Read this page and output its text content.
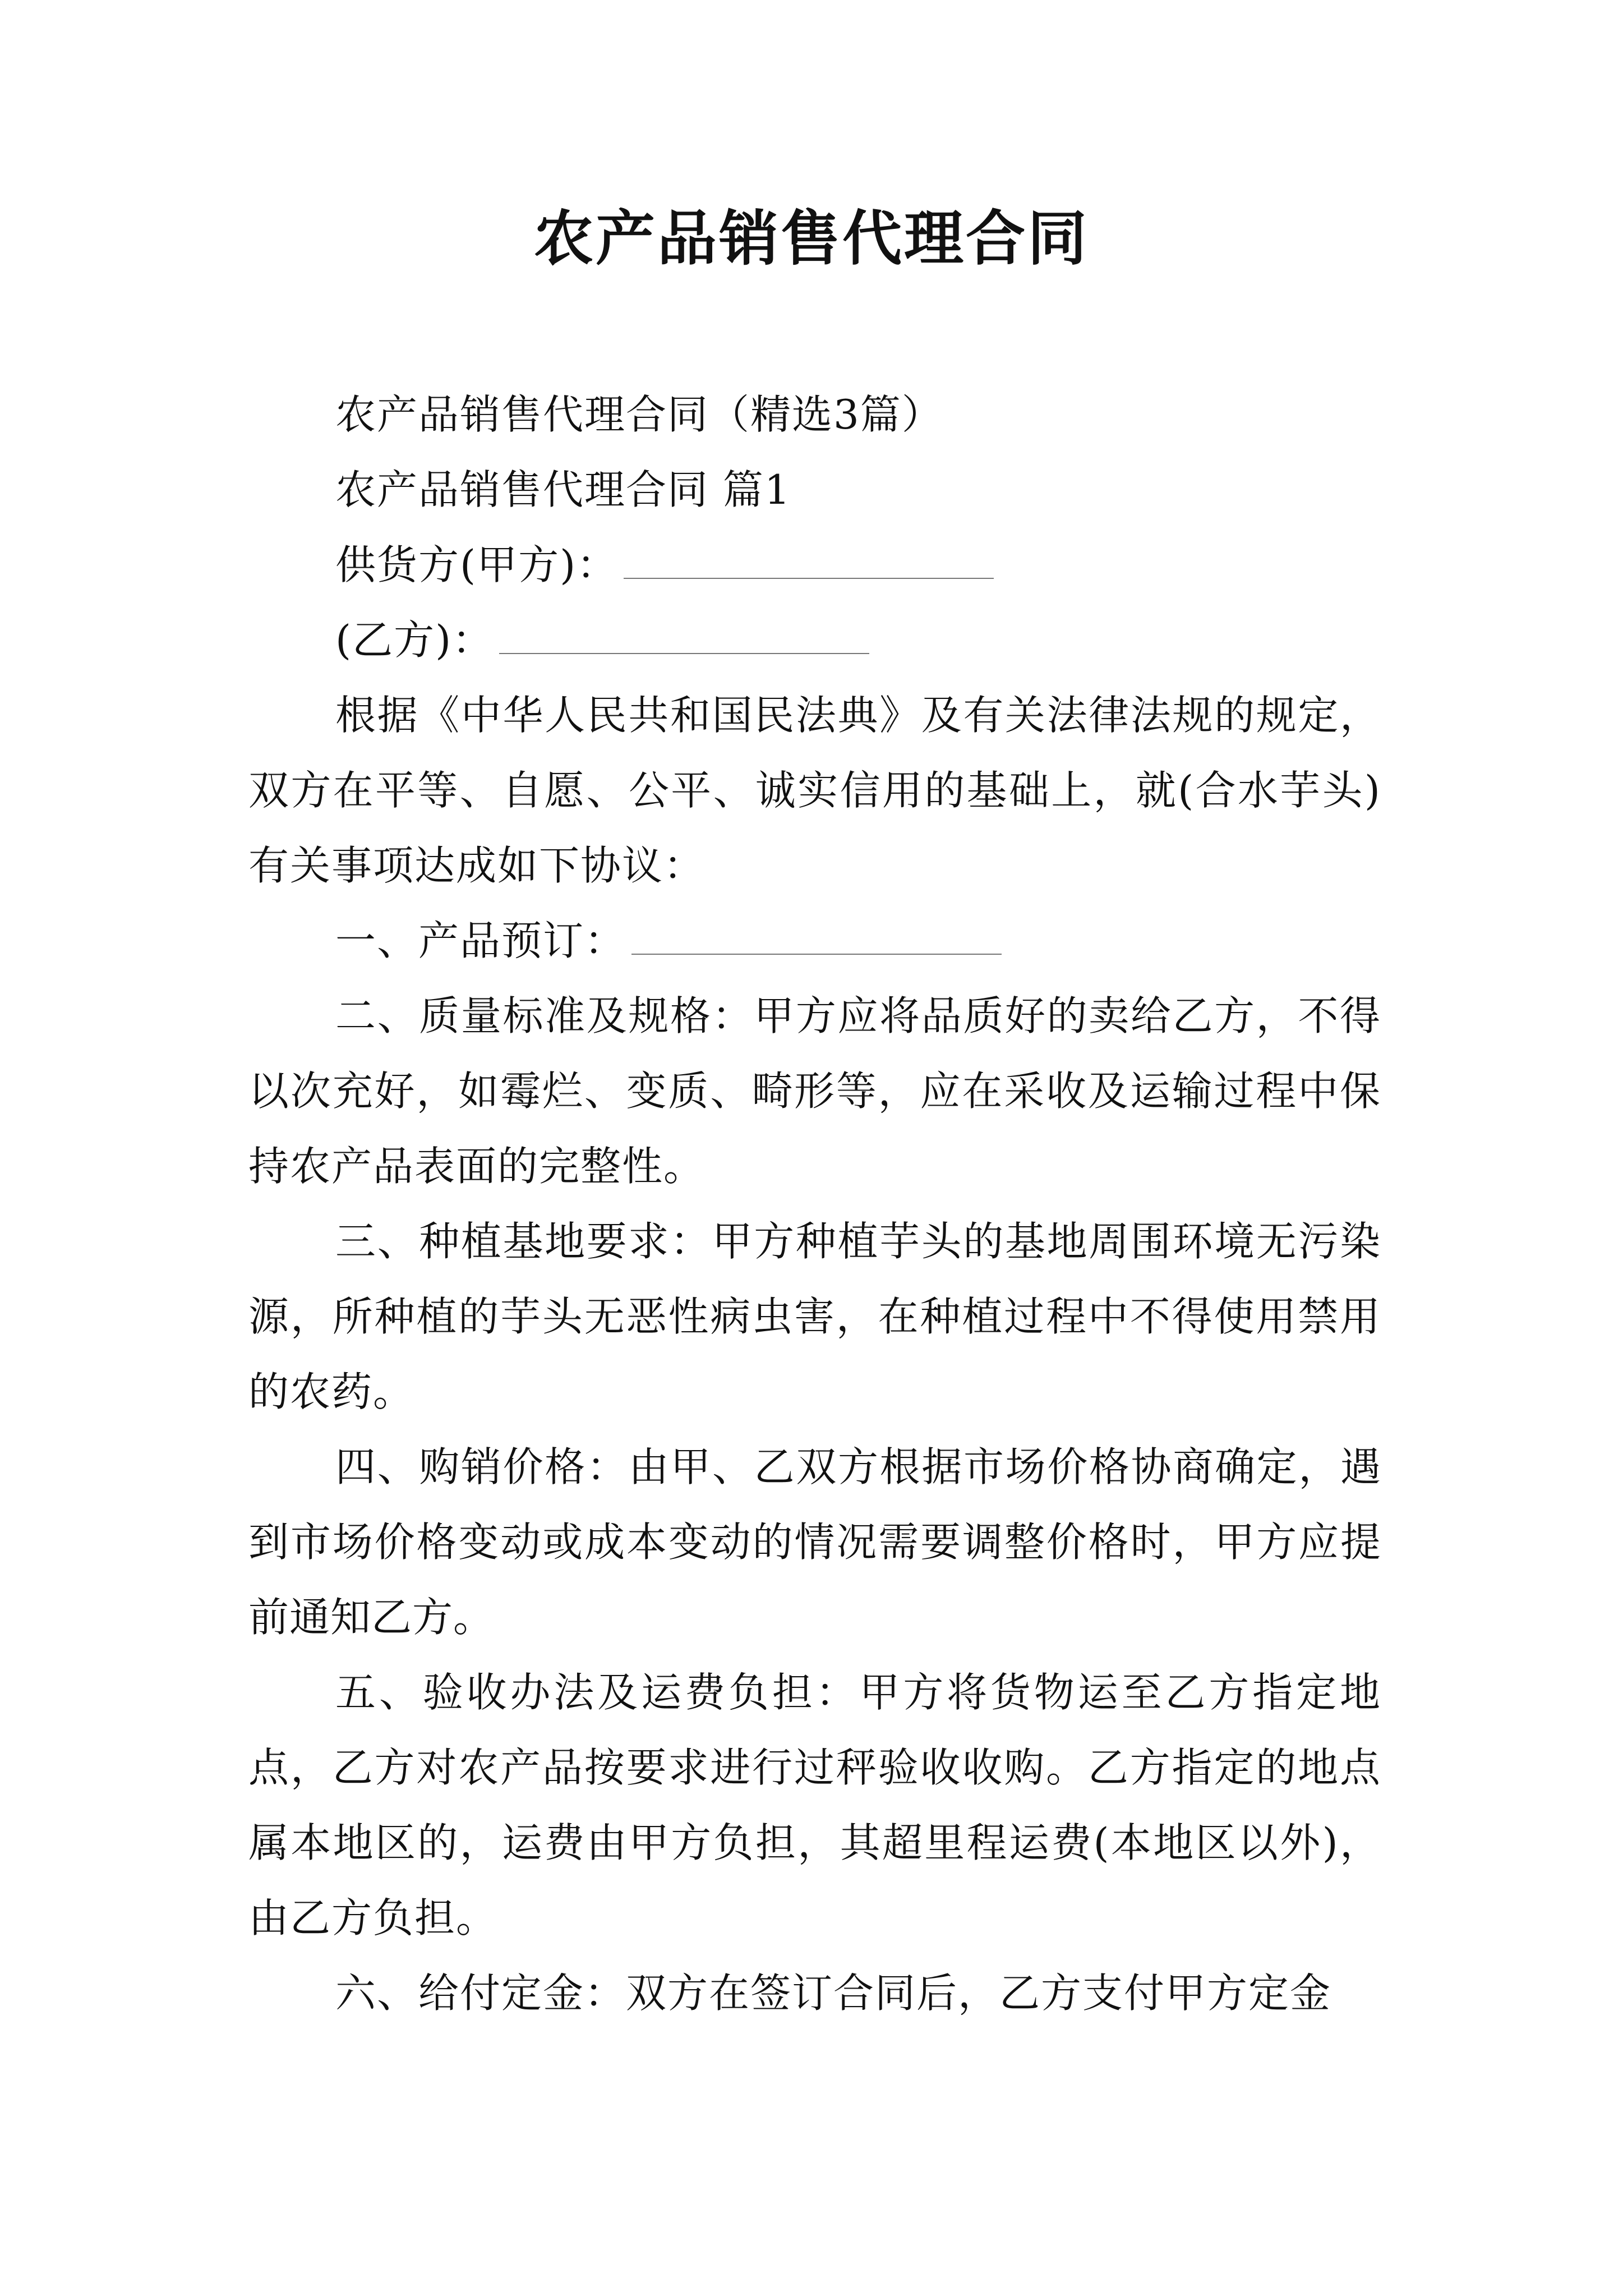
农产品销售代理合同

农产品销售代理合同（精选3篇）

农产品销售代理合同 篇1

供货方(甲方)：

(乙方)：

根据《中华人民共和国民法典》及有关法律法规的规定，双方在平等、自愿、公平、诚实信用的基础上，就(合水芋头)有关事项达成如下协议：

一、产品预订：

二、质量标准及规格：甲方应将品质好的卖给乙方，不得以次充好，如霉烂、变质、畸形等，应在采收及运输过程中保持农产品表面的完整性。

三、种植基地要求：甲方种植芋头的基地周围环境无污染源，所种植的芋头无恶性病虫害，在种植过程中不得使用禁用的农药。

四、购销价格：由甲、乙双方根据市场价格协商确定，遇到市场价格变动或成本变动的情况需要调整价格时，甲方应提前通知乙方。

五、验收办法及运费负担：甲方将货物运至乙方指定地点，乙方对农产品按要求进行过秤验收收购。乙方指定的地点属本地区的，运费由甲方负担，其超里程运费(本地区以外)，由乙方负担。

六、给付定金：双方在签订合同后，乙方支付甲方定金
